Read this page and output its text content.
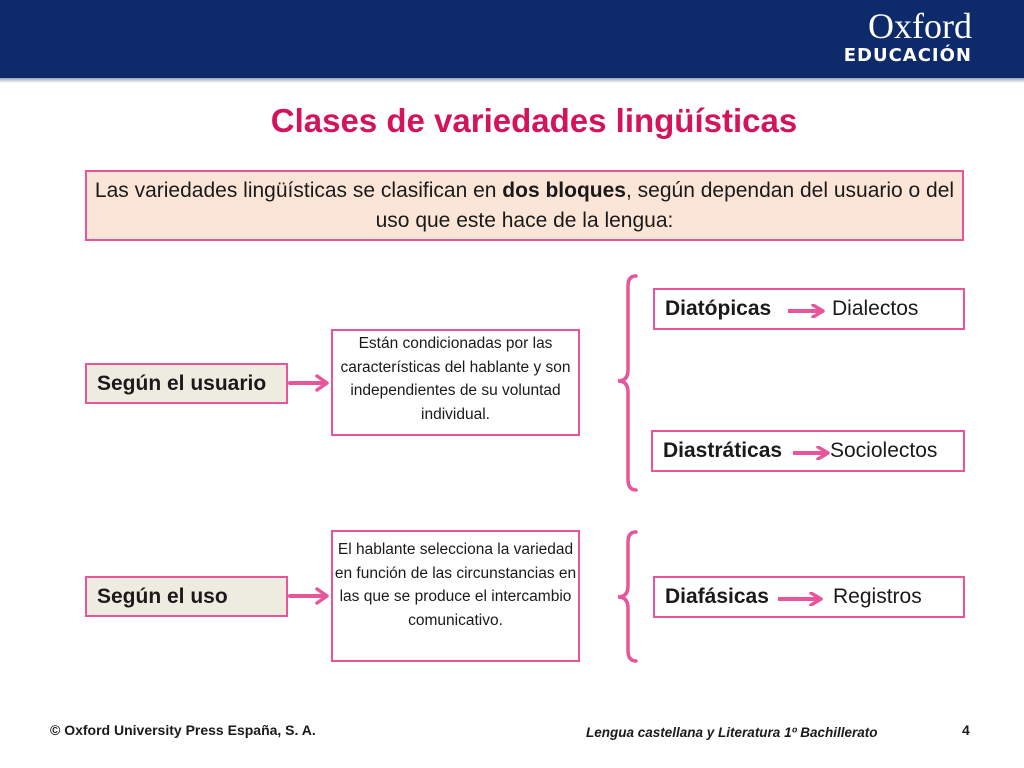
Oxford
EDUCACIÓN
Clases de variedades lingüísticas
Las variedades lingüísticas se clasifican en dos bloques, según dependan del usuario o del uso que este hace de la lengua:
Según el usuario
Están condicionadas por las características del hablante y son independientes de su voluntad individual.
Diatópicas	Dialectos
Diastráticas Sociolectos
Según el uso
El hablante selecciona la variedad en función de las circunstancias en las que se produce el intercambio comunicativo.
Diafásicas	Registros
© Oxford University Press España, S. A.	Lengua castellana y Literatura 1º Bachillerato	4
